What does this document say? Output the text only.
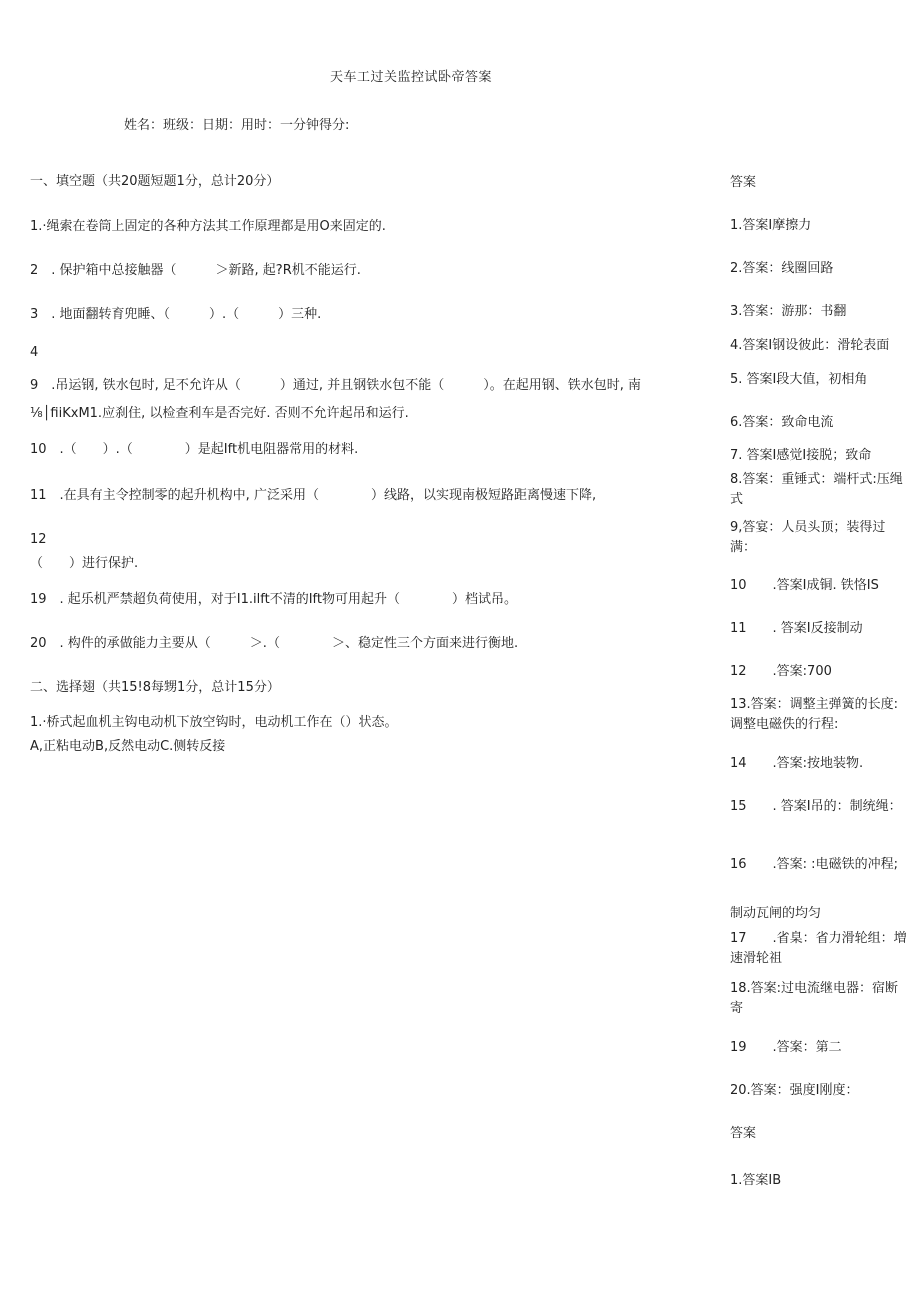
天车工过关监控试卧帝答案
姓名：班级：日期：用时：一分钟得分:
一、填空题（共20题短题1分，总计20分）
1.·绳索在卷筒上固定的各种方法其工作原理都是用O来固定的.
2　. 保护箱中总接触器（　　　＞新路, 起?R机不能运行.
3　. 地面翻转育兜睡、（　　　）.（　　　）三种.
4
9　.吊运钢, 铁水包时, 足不允许从（　　　）通过, 并且钢铁水包不能（　　　）。在起用钢、铁水包时, 南
⅛│fiiKxM1.应刹住, 以检查利车是否完好. 否则不允许起吊和运行.
10　.（　　）.（　　　　）是起Ift机电阻器常用的材料.
11　.在具有主令控制零的起升机构中, 广泛采用（　　　　）线路，以实现南极短路距离慢速下降,
12
（　　）进行保护.
19　. 起乐机严禁超负荷使用，对于I1.ilft不清的Ift物可用起升（　　　　）档试吊。
20　. 构件的承做能力主要从（　　　＞.（　　　　＞、稳定性三个方面来进行衡地.
二、选择翅（共15!8每甥1分，总计15分）
1.·桥式起血机主钩电动机下放空钩时，电动机工作在（）状态。
A,正粘电动B,反然电动C.侧转反接
答案
1.答案I摩擦力
2.答案：线圈回路
3.答案：游那：书翻
4.答案I钢设彼此：滑轮表面
5. 答案I段大值，初相角
6.答案：致命电流
7. 答案I感觉I接脱；致命
8.答案：重锤式：端杆式:压绳式
9,答宴：人员头顶；装得过满：
10　　.答案I成铜. 铁恪IS
11　　. 答案I反接制动
12　　.答案:700
13.答案：调整主弹簧的长度:调整电磁佚的行程:
14　　.答案:按地装物.
15　　. 答案I吊的：制统绳：
16　　.答案: :电磁铁的冲程;
制动瓦闸的均匀
17　　.省臬：省力滑轮组：増速滑轮祖
18.答案:过电流继电器：宿断寄
19　　.答案：第二
20.答案：强度I刚度：
答案
1.答案IB
